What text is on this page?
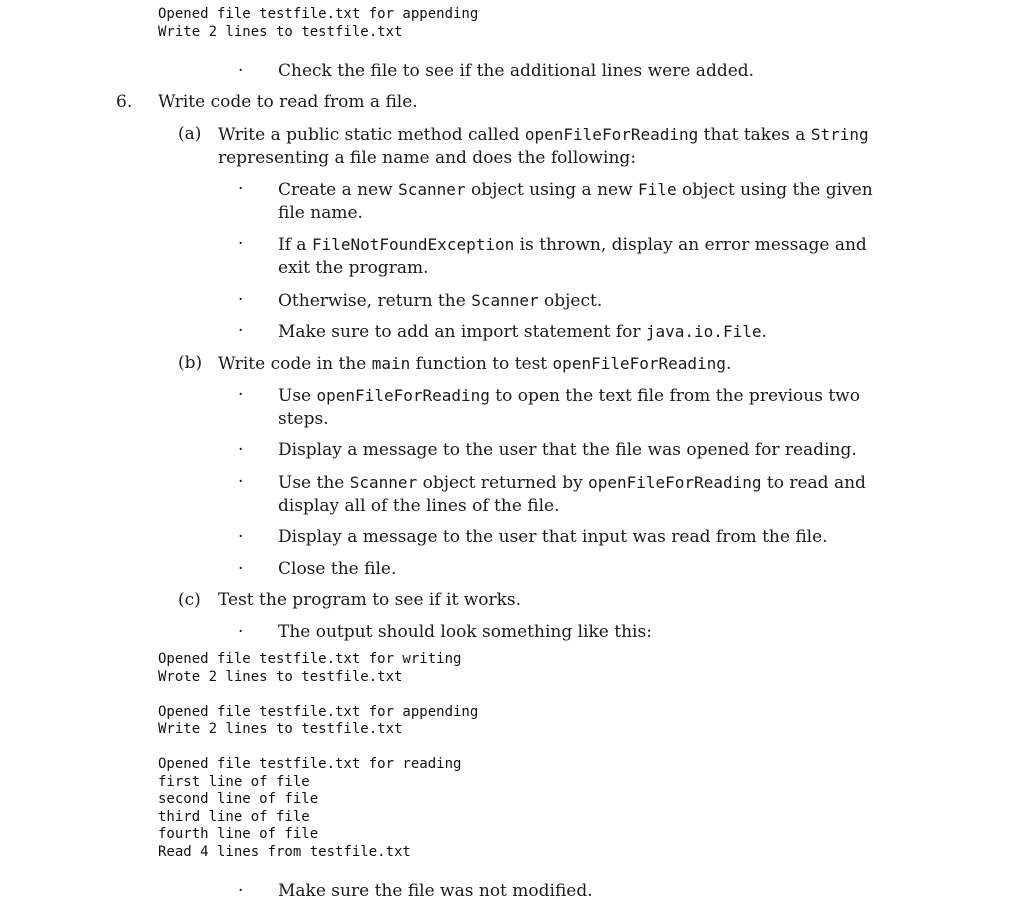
Opened file testfile.txt for appending
Write 2 lines to testfile.txt
· Check the file to see if the additional lines were added.
6. Write code to read from a file.
(a) Write a public static method called openFileForReading that takes a String
representing a file name and does the following:
· Create a new Scanner object using a new File object using the given
file name.
· If a FileNotFoundException is thrown, display an error message and
exit the program.
· Otherwise, return the Scanner object.
· Make sure to add an import statement for java.io.File.
(b) Write code in the main function to test openFileForReading.
· Use openFileForReading to open the text file from the previous two
steps.
· Display a message to the user that the file was opened for reading.
· Use the Scanner object returned by openFileForReading to read and
display all of the lines of the file.
· Display a message to the user that input was read from the file.
· Close the file.
(c) Test the program to see if it works.
· The output should look something like this:
Opened file testfile.txt for writing
Wrote 2 lines to testfile.txt

Opened file testfile.txt for appending
Write 2 lines to testfile.txt

Opened file testfile.txt for reading
first line of file
second line of file
third line of file
fourth line of file
Read 4 lines from testfile.txt
· Make sure the file was not modified.
